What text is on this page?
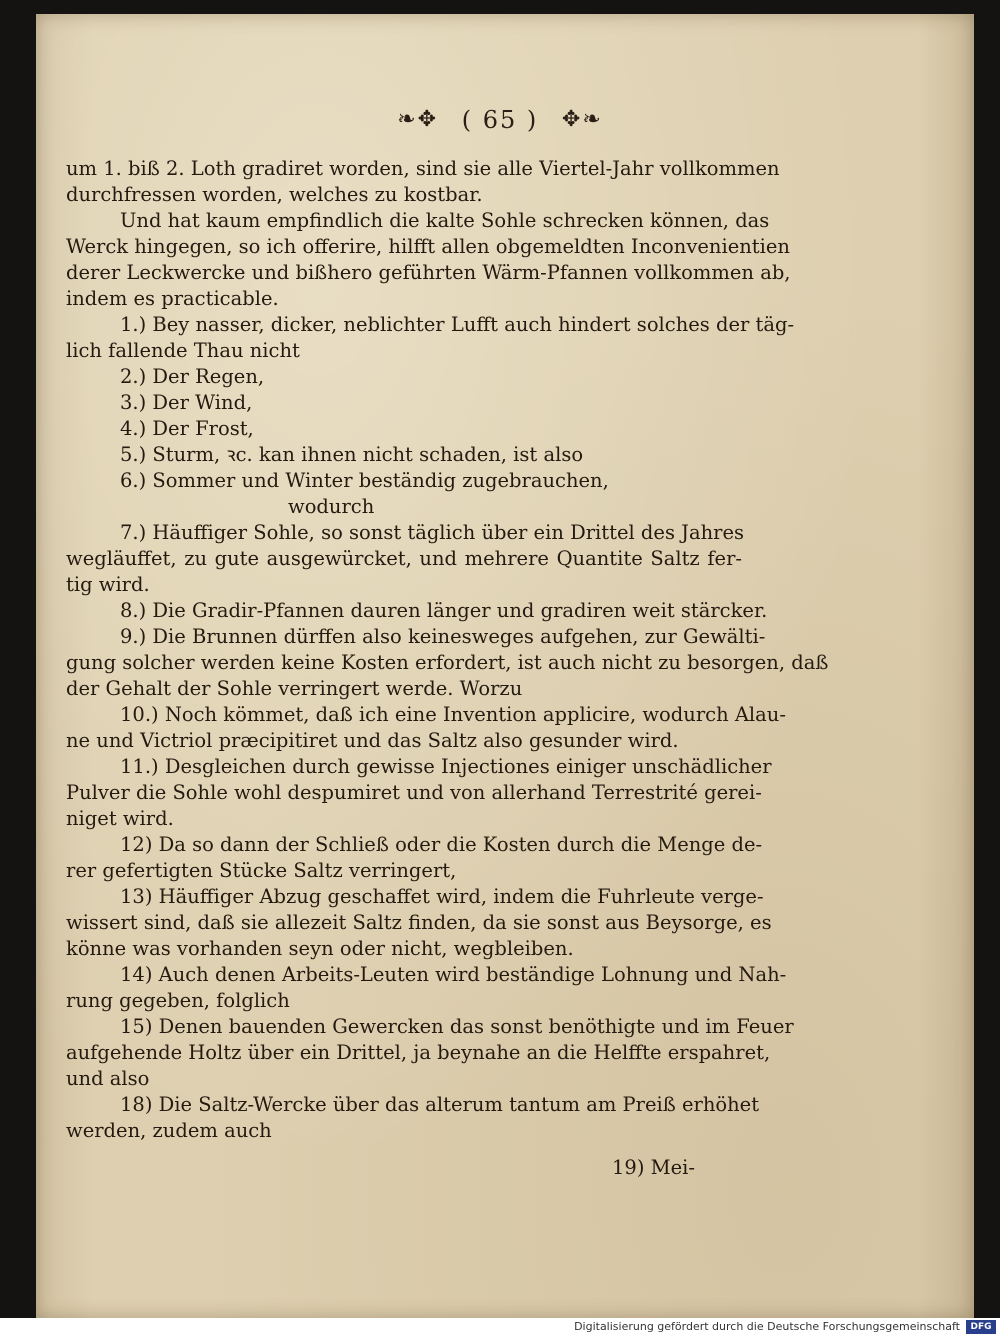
❧✥ ( 65 ) ✥❧
um 1. biß 2. Loth gradiret worden, sind sie alle Viertel-Jahr vollkommen
durchfressen worden, welches zu kostbar.
Und hat kaum empfindlich die kalte Sohle schrecken können, das
Werck hingegen, so ich offerire, hilfft allen obgemeldten Inconvenientien
derer Leckwercke und bißhero geführten Wärm-Pfannen vollkommen ab,
indem es practicable.
1.) Bey nasser, dicker, neblichter Lufft auch hindert solches der täg-
lich fallende Thau nicht
2.) Der Regen,
3.) Der Wind,
4.) Der Frost,
5.) Sturm, ꝛc. kan ihnen nicht schaden, ist also
6.) Sommer und Winter beständig zugebrauchen,
wodurch
7.) Häuffiger Sohle, so sonst täglich über ein Drittel des Jahres
wegläuffet, zu gute ausgewürcket, und mehrere Quantite Saltz fer-
tig wird.
8.) Die Gradir-Pfannen dauren länger und gradiren weit stärcker.
9.) Die Brunnen dürffen also keinesweges aufgehen, zur Gewälti-
gung solcher werden keine Kosten erfordert, ist auch nicht zu besorgen, daß
der Gehalt der Sohle verringert werde. Worzu
10.) Noch kömmet, daß ich eine Invention applicire, wodurch Alau-
ne und Victriol præcipitiret und das Saltz also gesunder wird.
11.) Desgleichen durch gewisse Injectiones einiger unschädlicher
Pulver die Sohle wohl despumiret und von allerhand Terrestrité gerei-
niget wird.
12) Da so dann der Schließ oder die Kosten durch die Menge de-
rer gefertigten Stücke Saltz verringert,
13) Häuffiger Abzug geschaffet wird, indem die Fuhrleute verge-
wissert sind, daß sie allezeit Saltz finden, da sie sonst aus Beysorge, es
könne was vorhanden seyn oder nicht, wegbleiben.
14) Auch denen Arbeits-Leuten wird beständige Lohnung und Nah-
rung gegeben, folglich
15) Denen bauenden Gewercken das sonst benöthigte und im Feuer
aufgehende Holtz über ein Drittel, ja beynahe an die Helffte erspahret,
und also
18) Die Saltz-Wercke über das alterum tantum am Preiß erhöhet
werden, zudem auch
19) Mei-
Digitalisierung gefördert durch die Deutsche Forschungsgemeinschaft	DFG
